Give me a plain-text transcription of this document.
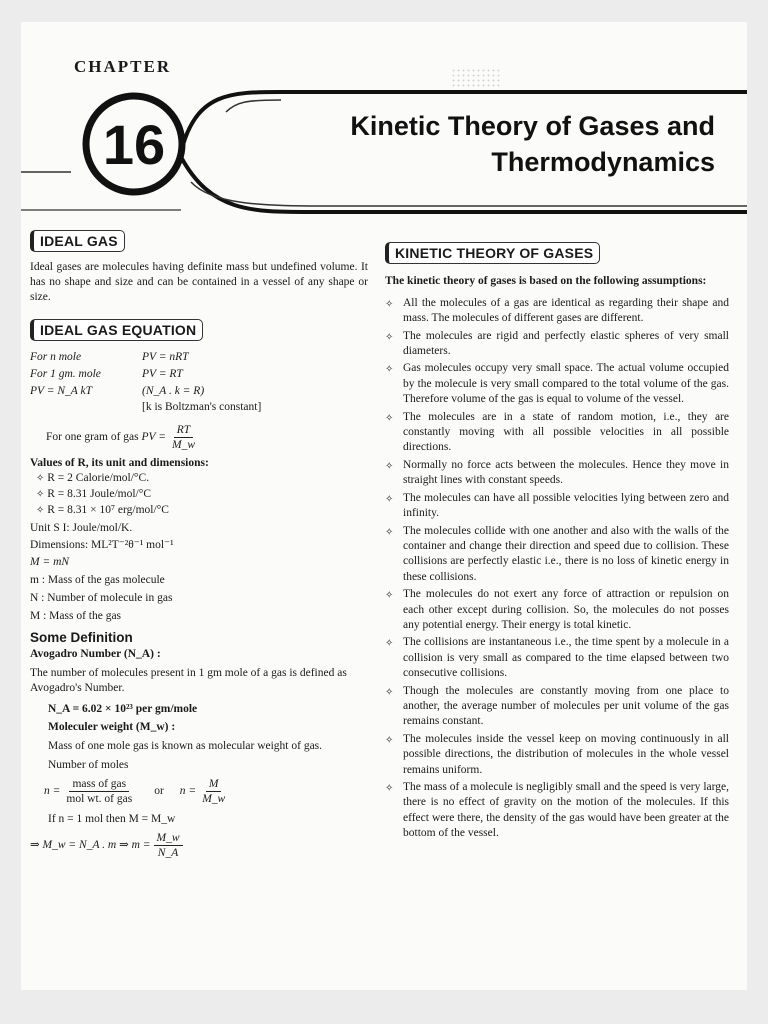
CHAPTER
16	Kinetic Theory of Gases and
Thermodynamics
IDEAL GAS
Ideal gases are molecules having definite mass but undefined volume. It has no shape and size and can be contained in a vessel of any shape or size.
IDEAL GAS EQUATION
For n mole	PV = nRT
For 1 gm. mole	PV = RT
PV = N_A kT	(N_A . k = R)
[k is Boltzman's constant]
For one gram of gas
PV = $\frac{RT}{M\_w}$
Values of R, its unit and dimensions:
✧ R = 2 Calorie/mol/°C.
✧ R = 8.31 Joule/mol/°C
✧ R = 8.31 × 10⁷ erg/mol/°C
Unit S I: Joule/mol/K.
Dimensions: ML²T⁻²θ⁻¹ mol⁻¹
M = mN
m : Mass of the gas molecule
N : Number of molecule in gas
M : Mass of the gas
Some Definition
Avogadro Number (N_A) :
The number of molecules present in 1 gm mole of a gas is defined as Avogadro's Number.
N_A = 6.02 × 10²³ per gm/mole
Moleculer weight (M_w) :
Mass of one mole gas is known as molecular weight of gas.
Number of moles
$n = \frac{\text{mass of gas}}{\text{mol wt. of gas}}$ or $n = \frac{M}{M\_w}$
If n = 1 mol then M = M_w
⇒ M_w = N_A . m ⇒ $m = \frac{M\_w}{N\_A}$
KINETIC THEORY OF GASES
The kinetic theory of gases is based on the following assumptions:
✧ All the molecules of a gas are identical as regarding their shape and mass. The molecules of different gases are different.
✧ The molecules are rigid and perfectly elastic spheres of very small diameters.
✧ Gas molecules occupy very small space. The actual volume occupied by the molecule is very small compared to the total volume of the gas. Therefore volume of the gas is equal to volume of the vessel.
✧ The molecules are in a state of random motion, i.e., they are constantly moving with all possible velocities in all possible directions.
✧ Normally no force acts between the molecules. Hence they move in straight lines with constant speeds.
✧ The molecules can have all possible velocities lying between zero and infinity.
✧ The molecules collide with one another and also with the walls of the container and change their direction and speed due to collision. These collisions are perfectly elastic i.e., there is no loss of kinetic energy in these collisions.
✧ The molecules do not exert any force of attraction or repulsion on each other except during collision. So, the molecules do not posses any potential energy. Their energy is total kinetic.
✧ The collisions are instantaneous i.e., the time spent by a molecule in a collision is very small as compared to the time elapsed between two consecutive collisions.
✧ Though the molecules are constantly moving from one place to another, the average number of molecules per unit volume of the gas remains constant.
✧ The molecules inside the vessel keep on moving continuously in all possible directions, the distribution of molecules in the whole vessel remains uniform.
✧ The mass of a molecule is negligibly small and the speed is very large, there is no effect of gravity on the motion of the molecules. If this effect were there, the density of the gas would have been greater at the bottom of the vessel.
